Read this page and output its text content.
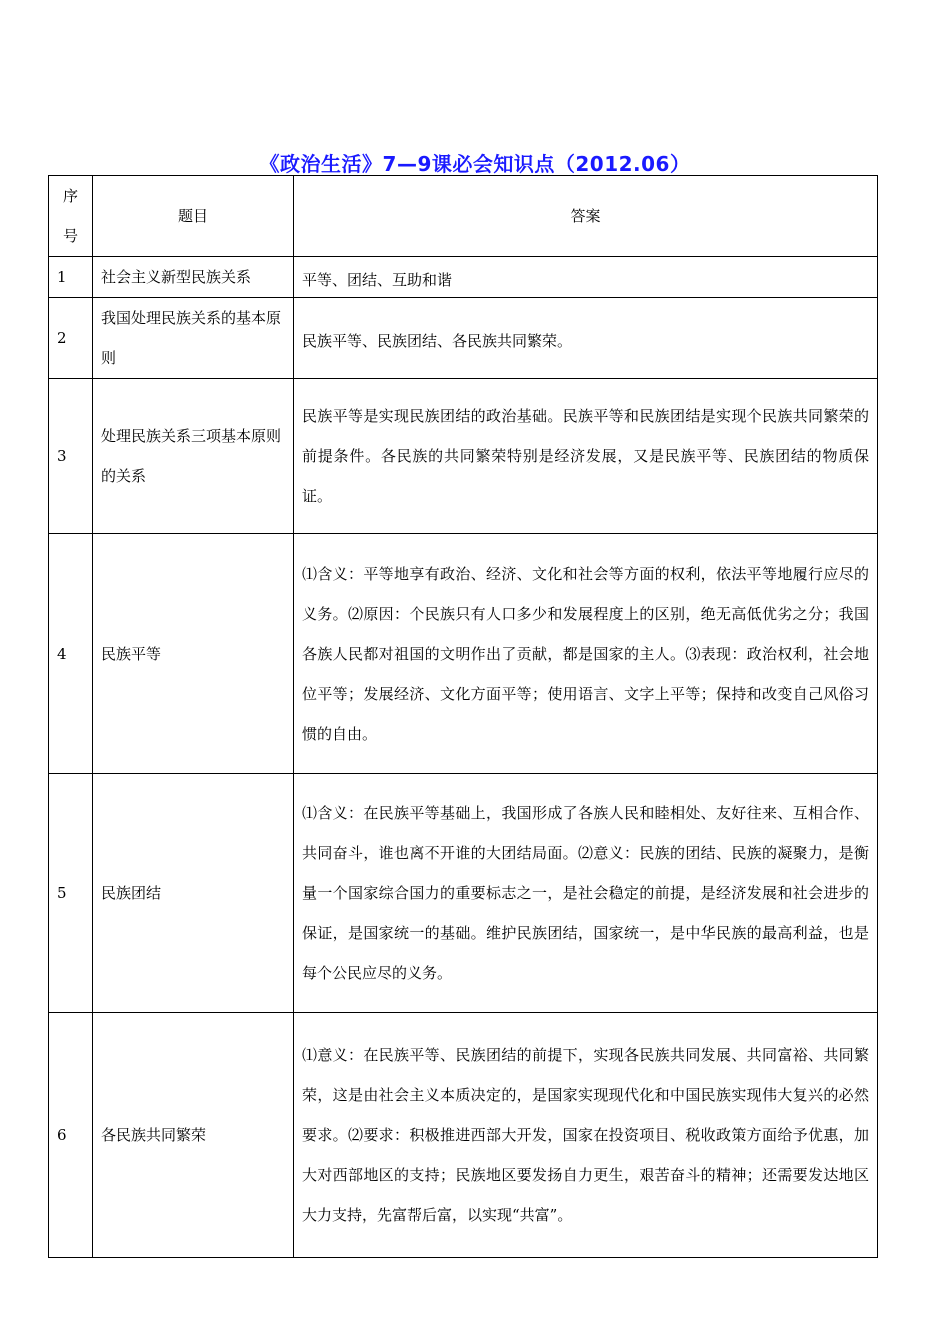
《政治生活》7—9课必会知识点（2012.06）
序号	题目	答案
1	社会主义新型民族关系	平等、团结、互助和谐
2	我国处理民族关系的基本原则	民族平等、民族团结、各民族共同繁荣。
3	处理民族关系三项基本原则的关系	民族平等是实现民族团结的政治基础。民族平等和民族团结是实现个民族共同繁荣的前提条件。各民族的共同繁荣特别是经济发展，又是民族平等、民族团结的物质保证。
4	民族平等	⑴含义：平等地享有政治、经济、文化和社会等方面的权利，依法平等地履行应尽的义务。⑵原因：个民族只有人口多少和发展程度上的区别，绝无高低优劣之分；我国各族人民都对祖国的文明作出了贡献，都是国家的主人。⑶表现：政治权利，社会地位平等；发展经济、文化方面平等；使用语言、文字上平等；保持和改变自己风俗习惯的自由。
5	民族团结	⑴含义：在民族平等基础上，我国形成了各族人民和睦相处、友好往来、互相合作、共同奋斗，谁也离不开谁的大团结局面。⑵意义：民族的团结、民族的凝聚力，是衡量一个国家综合国力的重要标志之一，是社会稳定的前提，是经济发展和社会进步的保证，是国家统一的基础。维护民族团结，国家统一，是中华民族的最高利益，也是每个公民应尽的义务。
6	各民族共同繁荣	⑴意义：在民族平等、民族团结的前提下，实现各民族共同发展、共同富裕、共同繁荣，这是由社会主义本质决定的，是国家实现现代化和中国民族实现伟大复兴的必然要求。⑵要求：积极推进西部大开发，国家在投资项目、税收政策方面给予优惠，加大对西部地区的支持；民族地区要发扬自力更生，艰苦奋斗的精神；还需要发达地区大力支持，先富帮后富，以实现“共富”。
